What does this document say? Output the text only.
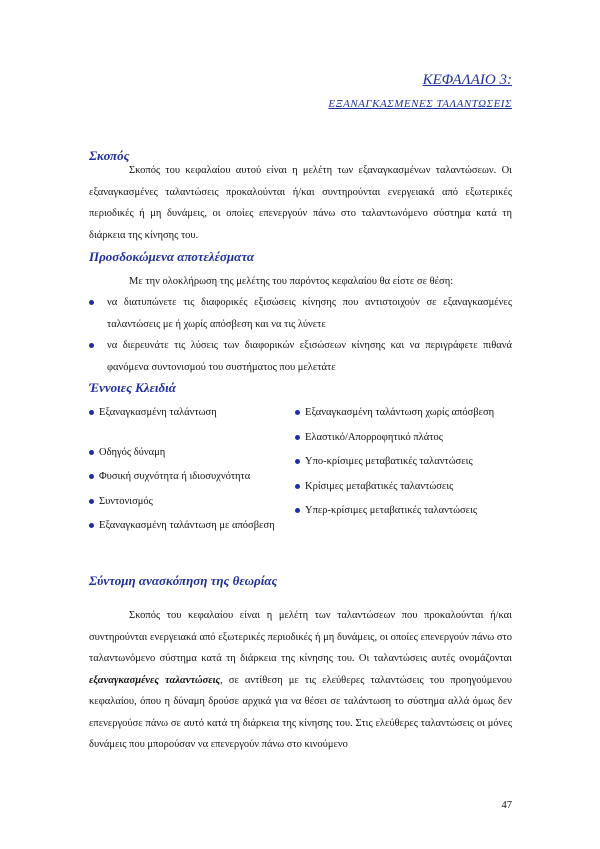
ΚΕΦΑΛΑΙΟ 3:
ΕΞΑΝΑΓΚΑΣΜΕΝΕΣ ΤΑΛΑΝΤΩΣΕΙΣ
Σκοπός
Σκοπός του κεφαλαίου αυτού είναι η μελέτη των εξαναγκασμένων ταλαντώσεων. Οι εξαναγκασμένες ταλαντώσεις προκαλούνται ή/και συντηρούνται ενεργειακά από εξωτερικές περιοδικές ή μη δυνάμεις, οι οποίες επενεργούν πάνω στο ταλαντωνόμενο σύστημα κατά τη διάρκεια της κίνησης του.
Προσδοκώμενα αποτελέσματα
Με την ολοκλήρωση της μελέτης του παρόντος κεφαλαίου θα είστε σε θέση:
να διατυπώνετε τις διαφορικές εξισώσεις κίνησης που αντιστοιχούν σε εξαναγκασμένες ταλαντώσεις με ή χωρίς απόσβεση και να τις λύνετε
να διερευνάτε τις λύσεις των διαφορικών εξισώσεων κίνησης και να περιγράφετε πιθανά φανόμενα συντονισμού του συστήματος που μελετάτε
Έννοιες Κλειδιά
Εξαναγκασμένη ταλάντωση
Οδηγός δύναμη
Φυσική συχνότητα ή ιδιοσυχνότητα
Συντονισμός
Εξαναγκασμένη ταλάντωση με απόσβεση
Εξαναγκασμένη ταλάντωση χωρίς απόσβεση
Ελαστικό/Απορροφητικό πλάτος
Υπο-κρίσιμες μεταβατικές ταλαντώσεις
Κρίσιμες μεταβατικές ταλαντώσεις
Υπερ-κρίσιμες μεταβατικές ταλαντώσεις
Σύντομη ανασκόπηση της θεωρίας
Σκοπός του κεφαλαίου είναι η μελέτη των ταλαντώσεων που προκαλούνται ή/και συντηρούνται ενεργειακά από εξωτερικές περιοδικές ή μη δυνάμεις, οι οποίες επενεργούν πάνω στο ταλαντωνόμενο σύστημα κατά τη διάρκεια της κίνησης του. Οι ταλαντώσεις αυτές ονομάζονται εξαναγκασμένες ταλαντώσεις, σε αντίθεση με τις ελεύθερες ταλαντώσεις του προηγούμενου κεφαλαίου, όπου η δύναμη δρούσε αρχικά για να θέσει σε ταλάντωση το σύστημα αλλά όμως δεν επενεργούσε πάνω σε αυτό κατά τη διάρκεια της κίνησης του. Στις ελεύθερες ταλαντώσεις οι μόνες δυνάμεις που μπορούσαν να επενεργούν πάνω στο κινούμενο
47
